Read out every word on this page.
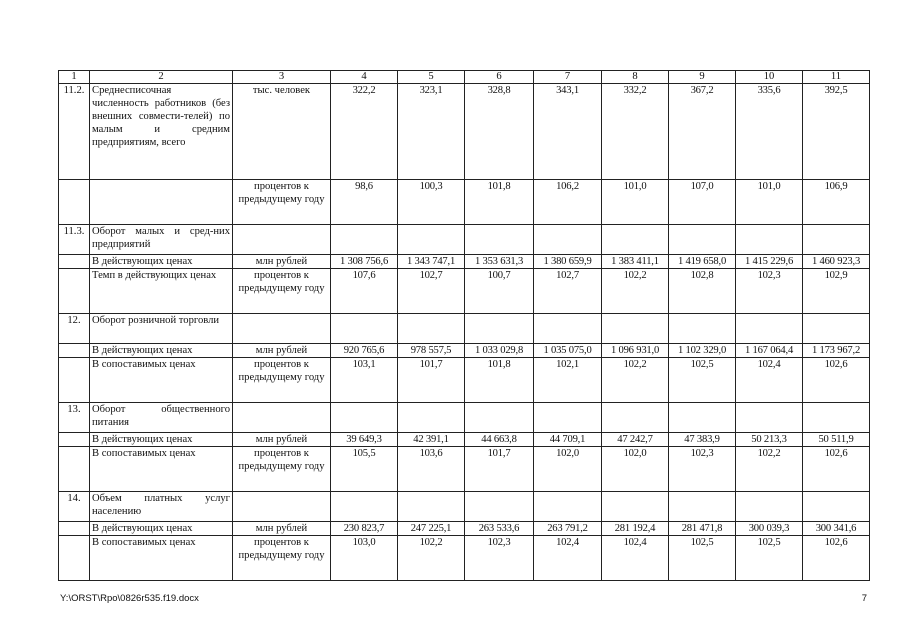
1	2	3	4	5	6	7	8	9	10	11
11.2.	Среднесписочная численность работников (без внешних совмести-телей) по малым и средним предприятиям, всего	тыс. человек	322,2	323,1	328,8	343,1	332,2	367,2	335,6	392,5
		процентов к предыдущему году	98,6	100,3	101,8	106,2	101,0	107,0	101,0	106,9
11.3.	Оборот малых и сред-них предприятий									
	В действующих ценах	млн рублей	1 308 756,6	1 343 747,1	1 353 631,3	1 380 659,9	1 383 411,1	1 419 658,0	1 415 229,6	1 460 923,3
	Темп в действующих ценах	процентов к предыдущему году	107,6	102,7	100,7	102,7	102,2	102,8	102,3	102,9
12.	Оборот розничной торговли									
	В действующих ценах	млн рублей	920 765,6	978 557,5	1 033 029,8	1 035 075,0	1 096 931,0	1 102 329,0	1 167 064,4	1 173 967,2
	В сопоставимых ценах	процентов к предыдущему году	103,1	101,7	101,8	102,1	102,2	102,5	102,4	102,6
13.	Оборот общественного питания									
	В действующих ценах	млн рублей	39 649,3	42 391,1	44 663,8	44 709,1	47 242,7	47 383,9	50 213,3	50 511,9
	В сопоставимых ценах	процентов к предыдущему году	105,5	103,6	101,7	102,0	102,0	102,3	102,2	102,6
14.	Объем платных услуг населению									
	В действующих ценах	млн рублей	230 823,7	247 225,1	263 533,6	263 791,2	281 192,4	281 471,8	300 039,3	300 341,6
	В сопоставимых ценах	процентов к предыдущему году	103,0	102,2	102,3	102,4	102,4	102,5	102,5	102,6
Y:\ORST\Rpo\0826r535.f19.docx	7
